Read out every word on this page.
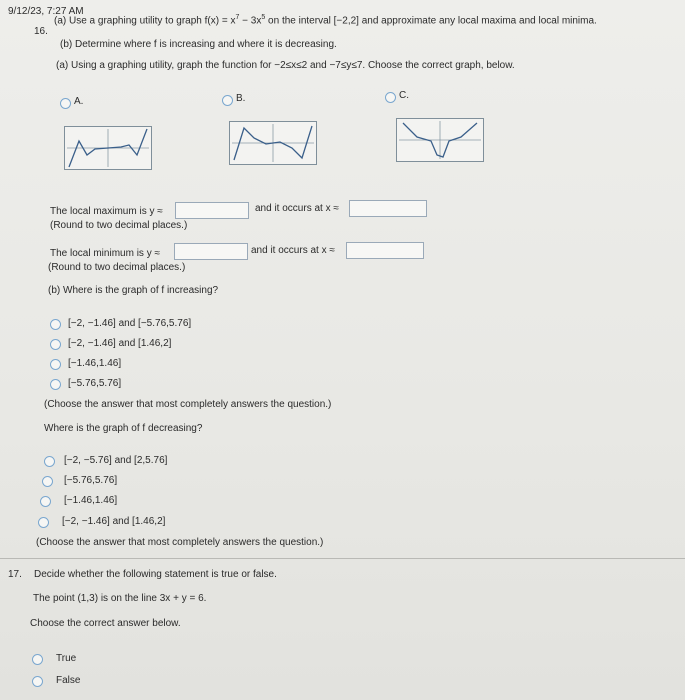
9/12/23, 7:27 AM
16.
(a) Use a graphing utility to graph $f(x) = x^7 - 3x^5$ on the interval [−2,2] and approximate any local maxima and local minima.
(b) Determine where f is increasing and where it is decreasing.
(a) Using a graphing utility, graph the function for −2≤x≤2 and −7≤y≤7. Choose the correct graph, below.
A.	B.	C.
The local maximum is y ≈	and it occurs at x ≈
(Round to two decimal places.)
The local minimum is y ≈	and it occurs at x ≈
(Round to two decimal places.)
(b) Where is the graph of f increasing?
[−2, −1.46] and [−5.76,5.76]
[−2, −1.46] and [1.46,2]
[−1.46,1.46]
[−5.76,5.76]
(Choose the answer that most completely answers the question.)
Where is the graph of f decreasing?
[−2, −5.76] and [2,5.76]
[−5.76,5.76]
[−1.46,1.46]
[−2, −1.46] and [1.46,2]
(Choose the answer that most completely answers the question.)
17. Decide whether the following statement is true or false.
The point (1,3) is on the line 3x + y = 6.
Choose the correct answer below.
True
False
